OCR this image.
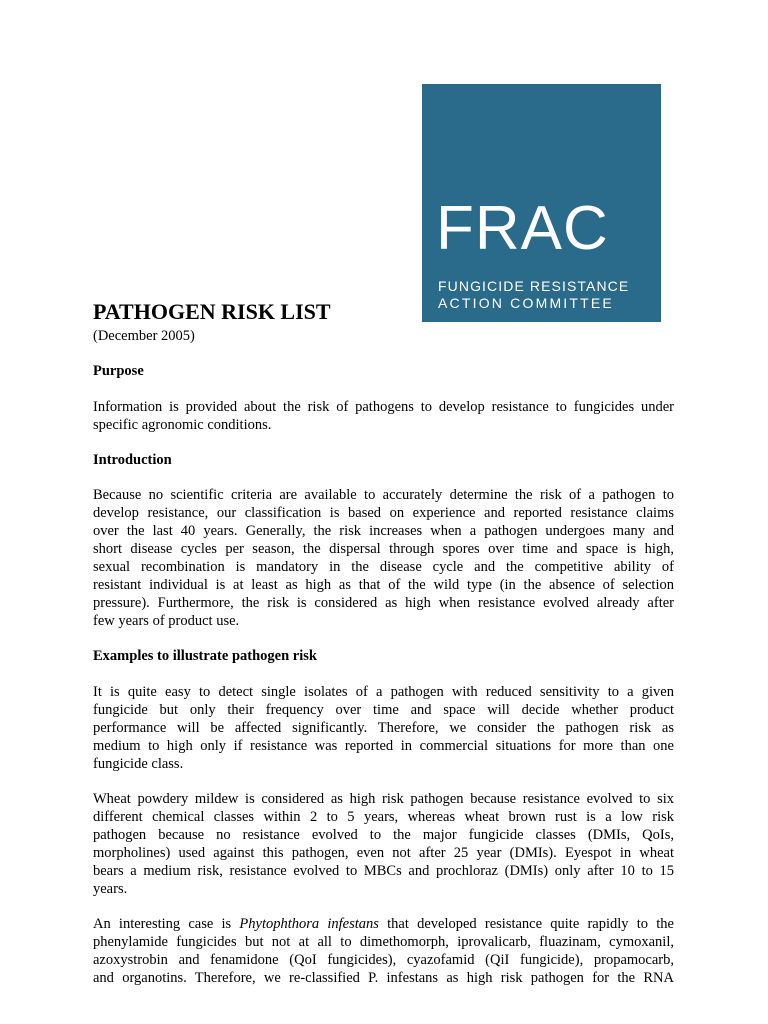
FRAC
FUNGICIDE RESISTANCE
ACTION COMMITTEE
PATHOGEN RISK LIST
(December 2005)
Purpose
Information is provided about the risk of pathogens to develop resistance to fungicides under
specific agronomic conditions.
Introduction
Because no scientific criteria are available to accurately determine the risk of a pathogen to
develop resistance, our classification is based on experience and reported resistance claims
over the last 40 years. Generally, the risk increases when a pathogen undergoes many and
short disease cycles per season, the dispersal through spores over time and space is high,
sexual recombination is mandatory in the disease cycle and the competitive ability of
resistant individual is at least as high as that of the wild type (in the absence of selection
pressure). Furthermore, the risk is considered as high when resistance evolved already after
few years of product use.
Examples to illustrate pathogen risk
It is quite easy to detect single isolates of a pathogen with reduced sensitivity to a given
fungicide but only their frequency over time and space will decide whether product
performance will be affected significantly. Therefore, we consider the pathogen risk as
medium to high only if resistance was reported in commercial situations for more than one
fungicide class.
Wheat powdery mildew is considered as high risk pathogen because resistance evolved to six
different chemical classes within 2 to 5 years, whereas wheat brown rust is a low risk
pathogen because no resistance evolved to the major fungicide classes (DMIs, QoIs,
morpholines) used against this pathogen, even not after 25 year (DMIs). Eyespot in wheat
bears a medium risk, resistance evolved to MBCs and prochloraz (DMIs) only after 10 to 15
years.
An interesting case is Phytophthora infestans that developed resistance quite rapidly to the
phenylamide fungicides but not at all to dimethomorph, iprovalicarb, fluazinam, cymoxanil,
azoxystrobin and fenamidone (QoI fungicides), cyazofamid (QiI fungicide), propamocarb,
and organotins. Therefore, we re-classified P. infestans as high risk pathogen for the RNA
